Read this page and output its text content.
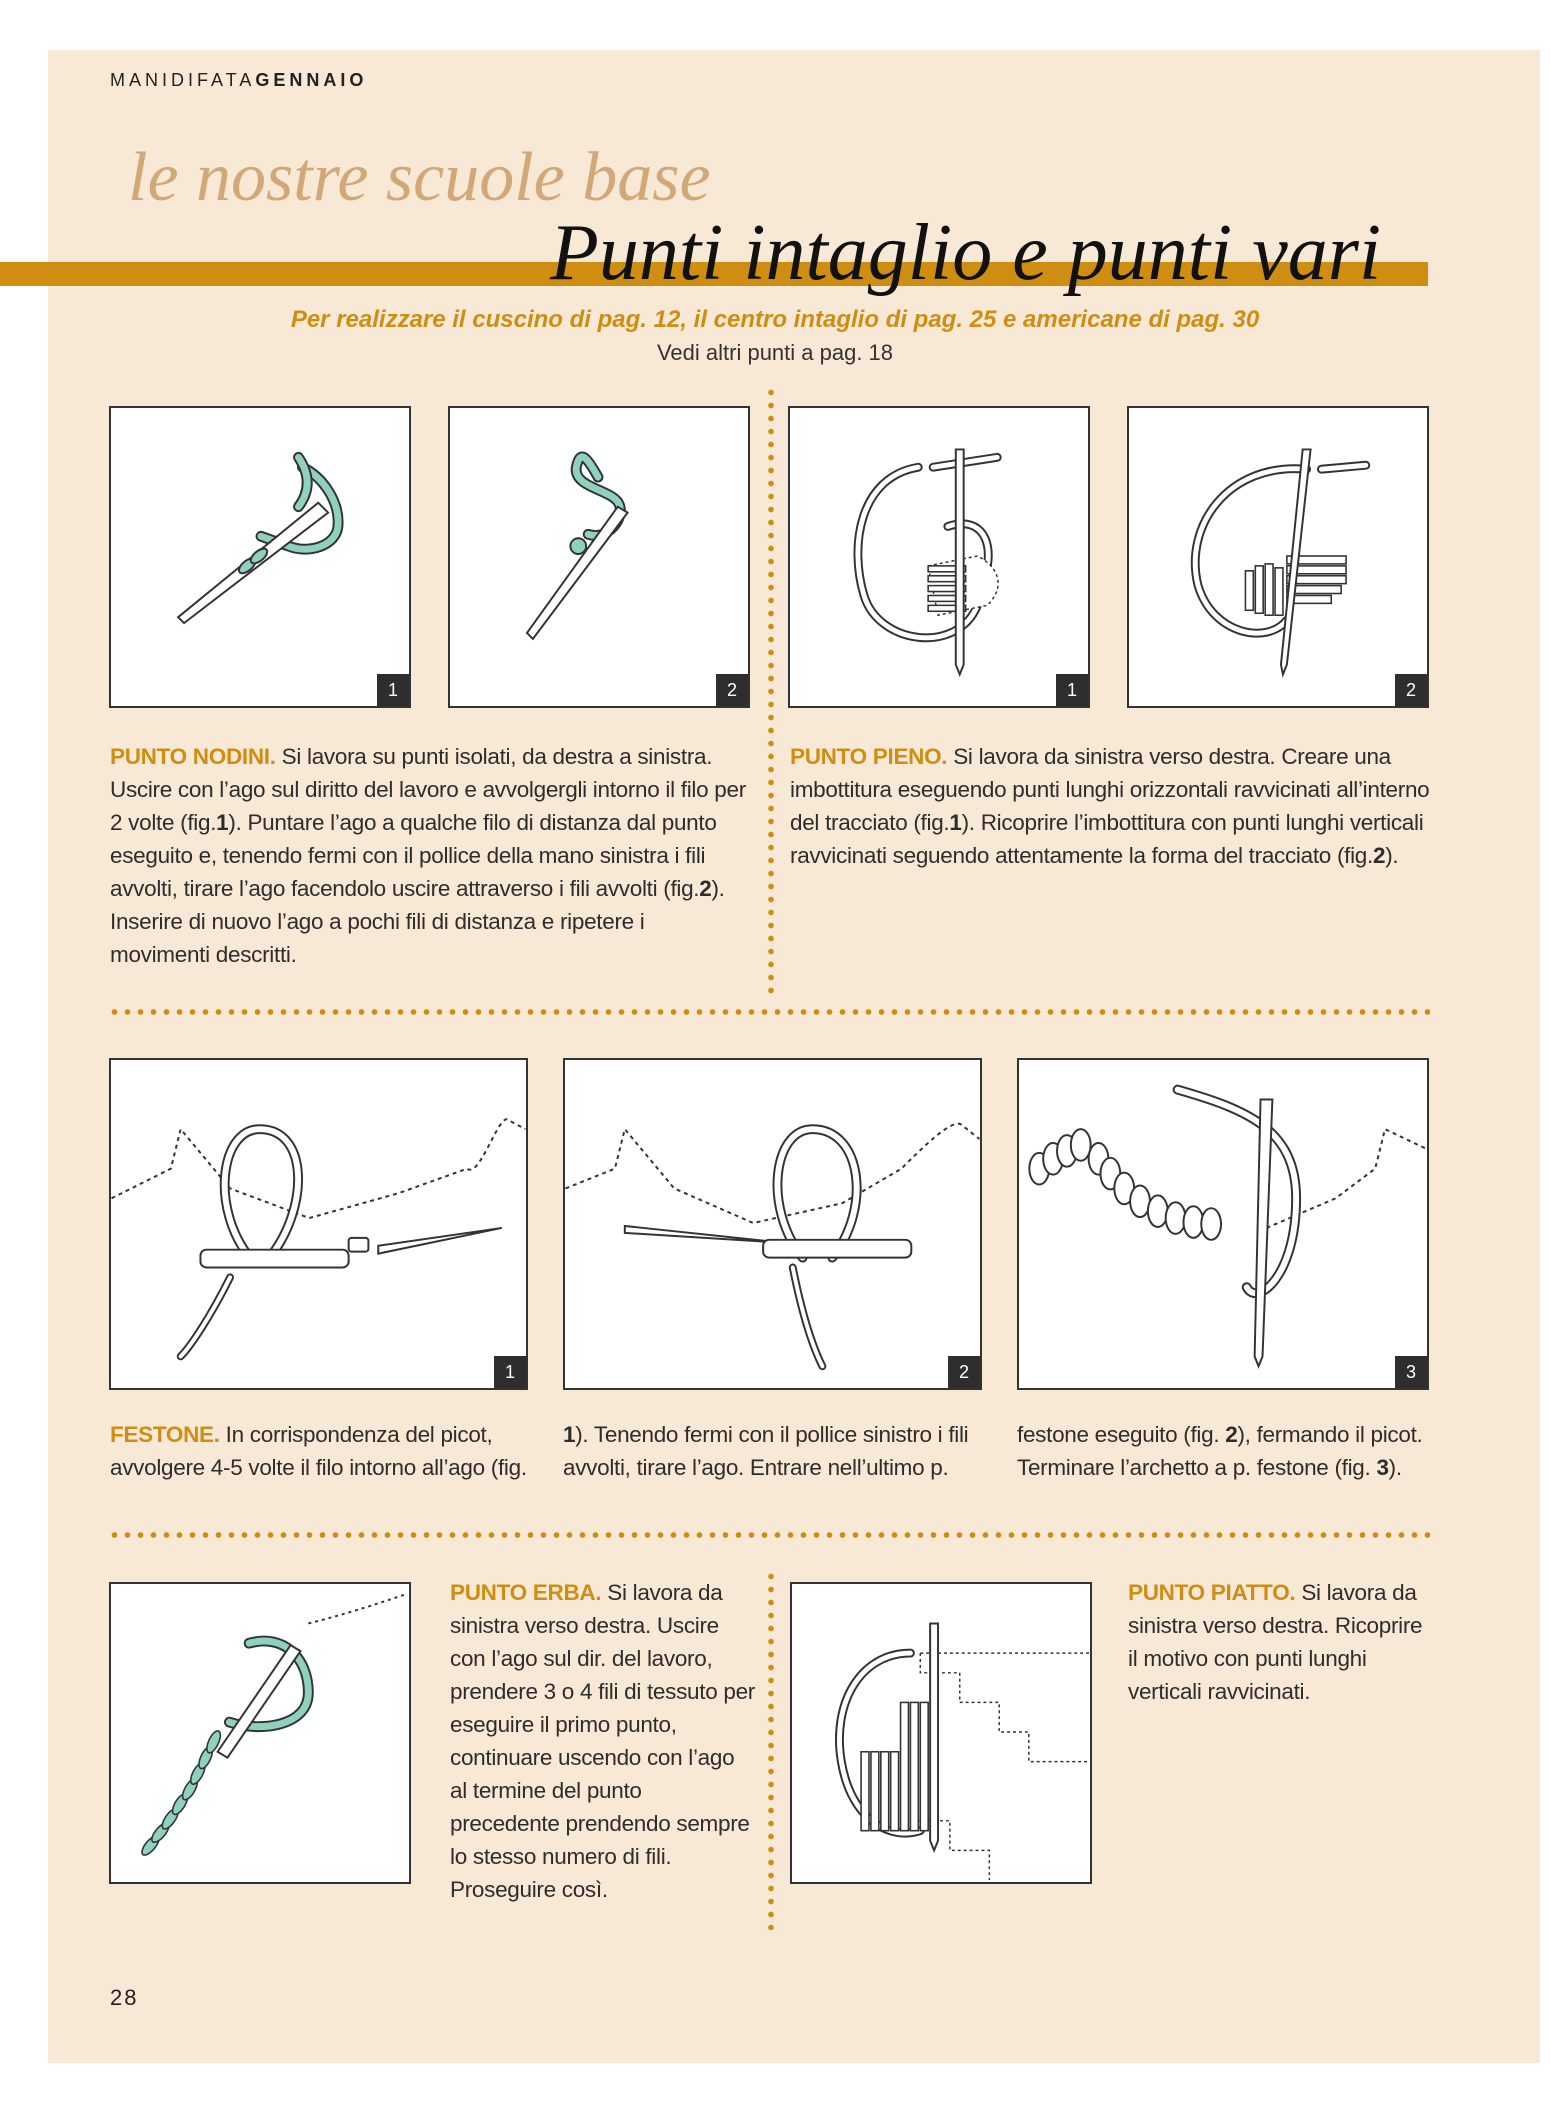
MANIDIFATAGENNAIO
le nostre scuole base
Punti intaglio e punti vari
Per realizzare il cuscino di pag. 12, il centro intaglio di pag. 25 e americane di pag. 30
Vedi altri punti a pag. 18
1	2	1	2
PUNTO NODINI. Si lavora su punti isolati, da destra a sinistra. Uscire con l’ago sul diritto del lavoro e avvolgergli intorno il filo per 2 volte (fig.1). Puntare l’ago a qualche filo di distanza dal punto eseguito e, tenendo fermi con il pollice della mano sinistra i fili avvolti, tirare l’ago facendolo uscire attraverso i fili avvolti (fig.2). Inserire di nuovo l’ago a pochi fili di distanza e ripetere i movimenti descritti.
PUNTO PIENO. Si lavora da sinistra verso destra. Creare una imbottitura eseguendo punti lunghi orizzontali ravvicinati all’interno del tracciato (fig.1). Ricoprire l’imbottitura con punti lunghi verticali ravvicinati seguendo attentamente la forma del tracciato (fig.2).
1	2	3
FESTONE. In corrispondenza del picot, avvolgere 4-5 volte il filo intorno all’ago (fig.
1). Tenendo fermi con il pollice sinistro i fili avvolti, tirare l’ago. Entrare nell’ultimo p.
festone eseguito (fig. 2), fermando il picot. Terminare l’archetto a p. festone (fig. 3).
PUNTO ERBA. Si lavora da sinistra verso destra. Uscire con l’ago sul dir. del lavoro, prendere 3 o 4 fili di tessuto per eseguire il primo punto, continuare uscendo con l’ago al termine del punto precedente prendendo sempre lo stesso numero di fili. Proseguire così.
PUNTO PIATTO. Si lavora da sinistra verso destra. Ricoprire il motivo con punti lunghi verticali ravvicinati.
28
